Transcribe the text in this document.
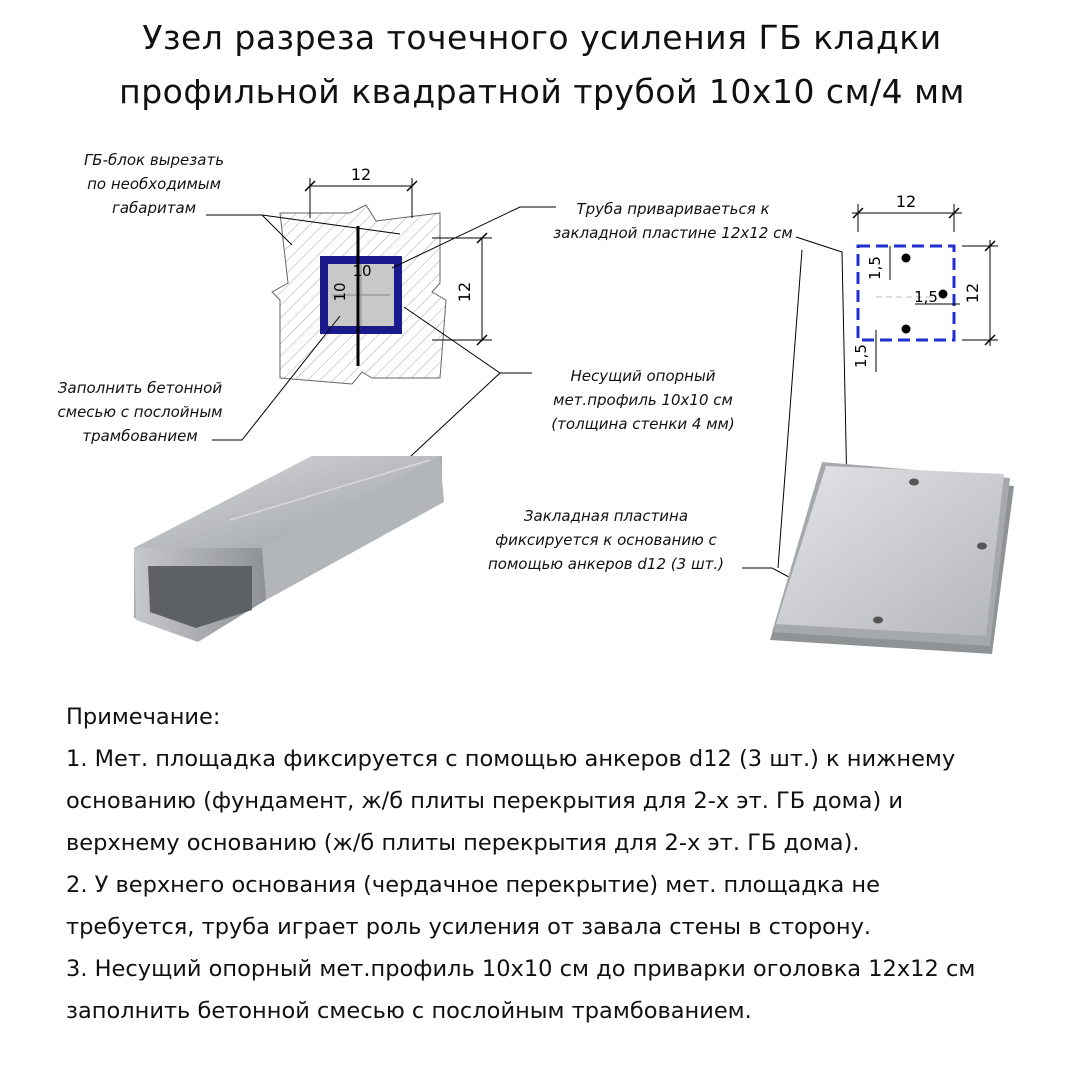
Узел разреза точечного усиления ГБ кладки
профильной квадратной трубой 10х10 см/4 мм
12
12
10
10
12
12
1,5
1,5
1,5
ГБ-блок вырезать
по необходимым
габаритам
Заполнить бетонной
смесью с послойным
трамбованием
Труба привариваеться к
закладной пластине 12х12 см
Несущий опорный
мет.профиль 10х10 см
(толщина стенки 4 мм)
Закладная пластина
фиксируется к основанию с
помощью анкеров d12 (3 шт.)

Примечание:

1. Мет. площадка фиксируется с помощью анкеров d12 (3 шт.) к нижнему

основанию (фундамент, ж/б плиты перекрытия для 2-х эт. ГБ дома) и

верхнему основанию (ж/б плиты перекрытия для 2-х эт. ГБ дома).

2. У верхнего основания (чердачное перекрытие) мет. площадка не

требуется, труба играет роль усиления от завала стены в сторону.

3. Несущий опорный мет.профиль 10х10 см до приварки оголовка 12х12 см

заполнить бетонной смесью с послойным трамбованием.
